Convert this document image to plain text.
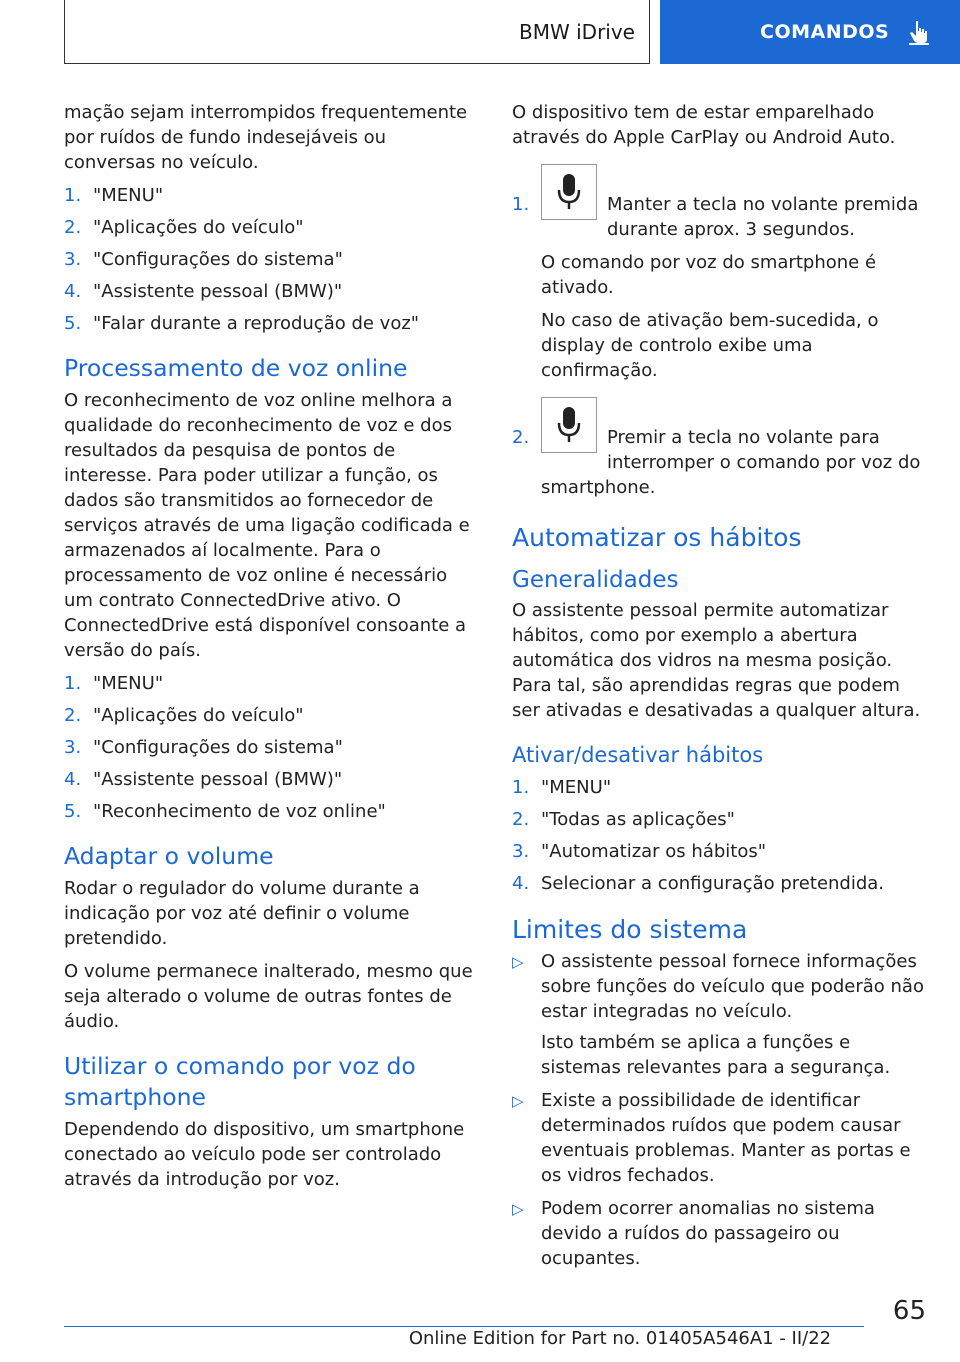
BMW iDrive	COMANDOS

mação sejam interrompidos frequentemente por ruídos de fundo indesejáveis ou conversas no veículo.

1. "MENU"
2. "Aplicações do veículo"
3. "Configurações do sistema"
4. "Assistente pessoal (BMW)"
5. "Falar durante a reprodução de voz"
Processamento de voz online

O reconhecimento de voz online melhora a qualidade do reconhecimento de voz e dos resultados da pesquisa de pontos de interesse. Para poder utilizar a função, os dados são transmitidos ao fornecedor de serviços através de uma ligação codificada e armazenados aí localmente. Para o processamento de voz online é necessário um contrato ConnectedDrive ativo. O ConnectedDrive está disponível consoante a versão do país.

1. "MENU"
2. "Aplicações do veículo"
3. "Configurações do sistema"
4. "Assistente pessoal (BMW)"
5. "Reconhecimento de voz online"
Adaptar o volume

Rodar o regulador do volume durante a indicação por voz até definir o volume pretendido.

O volume permanece inalterado, mesmo que seja alterado o volume de outras fontes de áudio.

Utilizar o comando por voz do smartphone

Dependendo do dispositivo, um smartphone conectado ao veículo pode ser controlado através da introdução por voz.

O dispositivo tem de estar emparelhado através do Apple CarPlay ou Android Auto.

1.	Manter a tecla no volante premida durante aprox. 3 segundos.

O comando por voz do smartphone é ativado.

No caso de ativação bem-sucedida, o display de controlo exibe uma confirmação.

2.	Premir a tecla no volante para interromper o comando por voz do smartphone.
Automatizar os hábitos
Generalidades

O assistente pessoal permite automatizar hábitos, como por exemplo a abertura automática dos vidros na mesma posição. Para tal, são aprendidas regras que podem ser ativadas e desativadas a qualquer altura.

Ativar/desativar hábitos
1. "MENU"
2. "Todas as aplicações"
3. "Automatizar os hábitos"
4. Selecionar a configuração pretendida.
Limites do sistema
▷ O assistente pessoal fornece informações sobre funções do veículo que poderão não estar integradas no veículo.

Isto também se aplica a funções e sistemas relevantes para a segurança.

▷ Existe a possibilidade de identificar determinados ruídos que podem causar eventuais problemas. Manter as portas e os vidros fechados.
▷ Podem ocorrer anomalias no sistema devido a ruídos do passageiro ou ocupantes.
65
Online Edition for Part no. 01405A546A1 - II/22
